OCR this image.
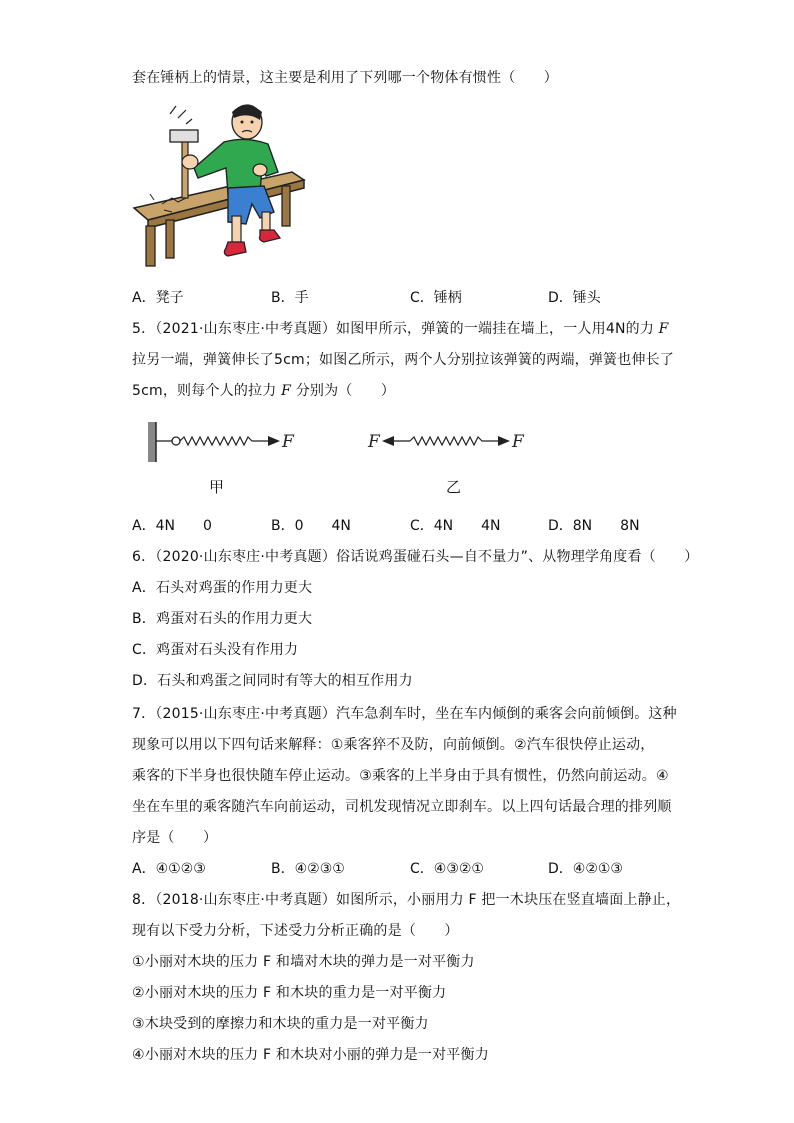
套在锤柄上的情景，这主要是利用了下列哪一个物体有惯性（　　）
A．凳子	B．手	C．锤柄	D．锤头
5．（2021·山东枣庄·中考真题）如图甲所示，弹簧的一端挂在墙上，一人用4N的力 F
拉另一端，弹簧伸长了5cm；如图乙所示，两个人分别拉该弹簧的两端，弹簧也伸长了
5cm，则每个人的拉力 F 分别为（　　）
F	F	F
甲	乙
A．4N　　0	B．0　　4N	C．4N　　4N	D．8N　　8N
6．（2020·山东枣庄·中考真题）俗话说鸡蛋碰石头—自不量力”、从物理学角度看（　　）
A．石头对鸡蛋的作用力更大
B．鸡蛋对石头的作用力更大
C．鸡蛋对石头没有作用力
D．石头和鸡蛋之间同时有等大的相互作用力
7．（2015·山东枣庄·中考真题）汽车急刹车时，坐在车内倾倒的乘客会向前倾倒。这种
现象可以用以下四句话来解释：①乘客猝不及防，向前倾倒。②汽车很快停止运动，
乘客的下半身也很快随车停止运动。③乘客的上半身由于具有惯性，仍然向前运动。④
坐在车里的乘客随汽车向前运动，司机发现情况立即刹车。以上四句话最合理的排列顺
序是（　　）
A．④①②③	B．④②③①	C．④③②①	D．④②①③
8．（2018·山东枣庄·中考真题）如图所示，小丽用力 F 把一木块压在竖直墙面上静止，
现有以下受力分析，下述受力分析正确的是（　　）
①小丽对木块的压力 F 和墙对木块的弹力是一对平衡力
②小丽对木块的压力 F 和木块的重力是一对平衡力
③木块受到的摩擦力和木块的重力是一对平衡力
④小丽对木块的压力 F 和木块对小丽的弹力是一对平衡力
